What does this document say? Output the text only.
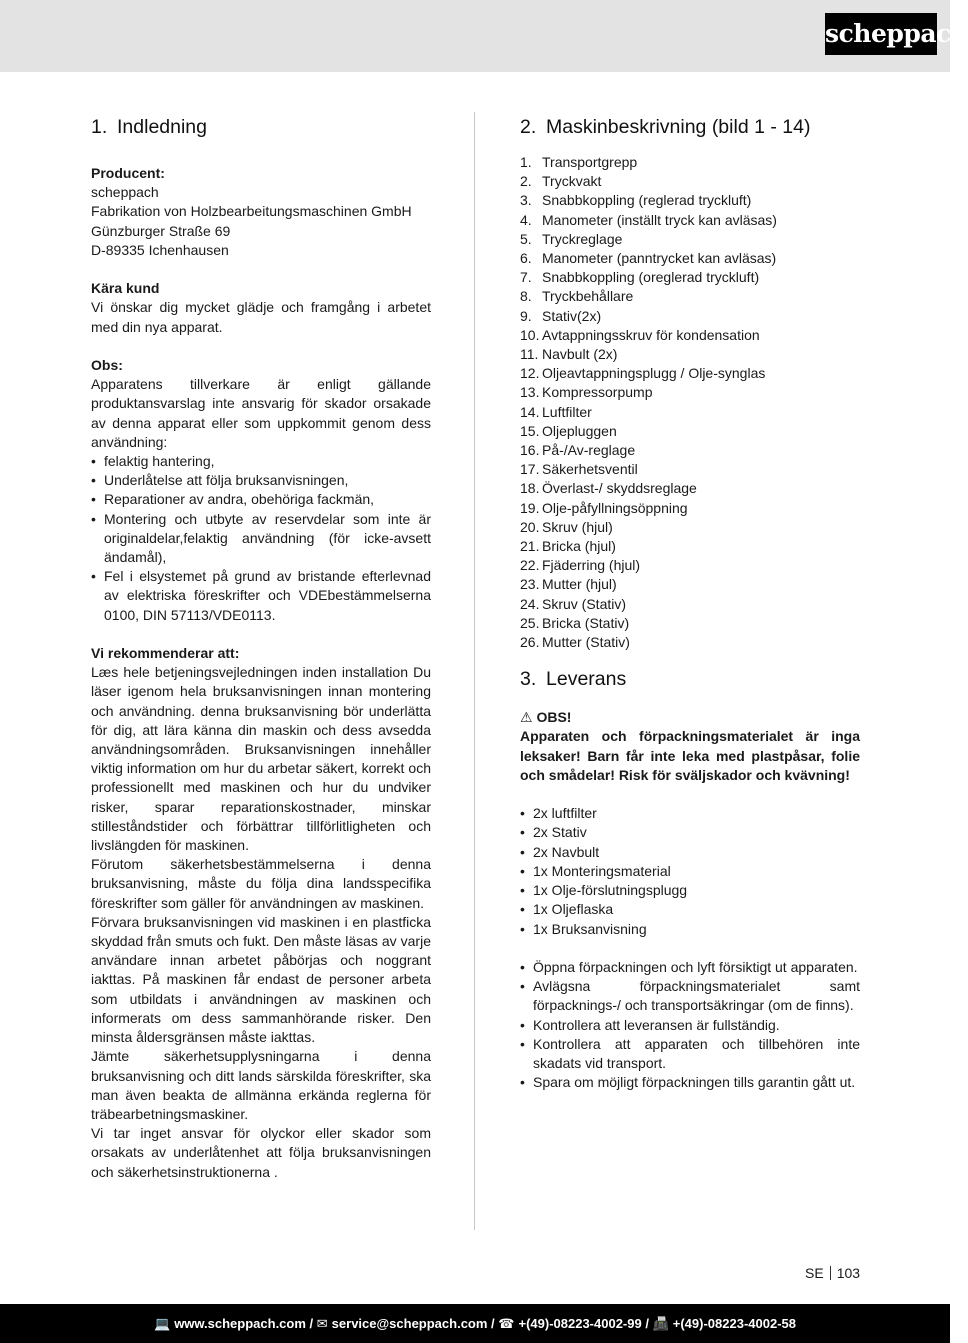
scheppach
1. Indledning

Producent:

scheppach

Fabrikation von Holzbearbeitungsmaschinen GmbH

Günzburger Straße 69

D-89335 Ichenhausen

Kära kund

Vi önskar dig mycket glädje och framgång i arbetet med din nya apparat.

Obs:

Apparatens tillverkare är enligt gällande produktansvarslag inte ansvarig för skador orsakade av denna apparat eller som uppkommit genom dess användning:

• felaktig hantering,
• Underlåtelse att följa bruksanvisningen,
• Reparationer av andra, obehöriga fackmän,
• Montering och utbyte av reservdelar som inte är originaldelar,felaktig användning (för icke-avsett ändamål),
• Fel i elsystemet på grund av bristande efterlevnad av elektriska föreskrifter och VDEbestämmelserna 0100, DIN 57113/VDE0113.

Vi rekommenderar att:

Læs hele betjeningsvejledningen inden installation Du läser igenom hela bruksanvisningen innan montering och användning. denna bruksanvisning bör underlätta för dig, att lära känna din maskin och dess avsedda användningsområden. Bruksanvisningen innehåller viktig information om hur du arbetar säkert, korrekt och professionellt med maskinen och hur du undviker risker, sparar reparationskostnader, minskar stilleståndstider och förbättrar tillförlitligheten och livslängden för maskinen.

Förutom säkerhetsbestämmelserna i denna bruksanvisning, måste du följa dina landsspecifika föreskrifter som gäller för användningen av maskinen.

Förvara bruksanvisningen vid maskinen i en plastficka skyddad från smuts och fukt. Den måste läsas av varje användare innan arbetet påbörjas och noggrant iakttas. På maskinen får endast de personer arbeta som utbildats i användningen av maskinen och informerats om dess sammanhörande risker. Den minsta åldersgränsen måste iakttas.

Jämte säkerhetsupplysningarna i denna bruksanvisning och ditt lands särskilda föreskrifter, ska man även beakta de allmänna erkända reglerna för träbearbetningsmaskiner.

Vi tar inget ansvar för olyckor eller skador som orsakats av underlåtenhet att följa bruksanvisningen och säkerhetsinstruktionerna .

2. Maskinbeskrivning (bild 1 - 14)
1. Transportgrepp
2. Tryckvakt
3. Snabbkoppling (reglerad tryckluft)
4. Manometer (inställt tryck kan avläsas)
5. Tryckreglage
6. Manometer (panntrycket kan avläsas)
7. Snabbkoppling (oreglerad tryckluft)
8. Tryckbehållare
9. Stativ(2x)
10. Avtappningsskruv för kondensation
11. Navbult (2x)
12. Oljeavtappningsplugg / Olje-synglas
13. Kompressorpump
14. Luftfilter
15. Oljepluggen
16. På-/Av-reglage
17. Säkerhetsventil
18. Överlast-/ skyddsreglage
19. Olje-påfyllningsöppning
20. Skruv (hjul)
21. Bricka (hjul)
22. Fjäderring (hjul)
23. Mutter (hjul)
24. Skruv (Stativ)
25. Bricka (Stativ)
26. Mutter (Stativ)
3. Leverans

⚠ OBS!

Apparaten och förpackningsmaterialet är inga leksaker! Barn får inte leka med plastpåsar, folie och smådelar! Risk för sväljskador och kvävning!

• 2x luftfilter
• 2x Stativ
• 2x Navbult
• 1x Monteringsmaterial
• 1x Olje-förslutningsplugg
• 1x Oljeflaska
• 1x Bruksanvisning
• Öppna förpackningen och lyft försiktigt ut apparaten.
• Avlägsna förpackningsmaterialet samt förpacknings-/ och transportsäkringar (om de finns).
• Kontrollera att leveransen är fullständig.
• Kontrollera att apparaten och tillbehören inte skadats vid transport.
• Spara om möjligt förpackningen tills garantin gått ut.
SE 103
💻 www.scheppach.com / ✉ service@scheppach.com / ☎ +(49)-08223-4002-99 / 📠 +(49)-08223-4002-58
